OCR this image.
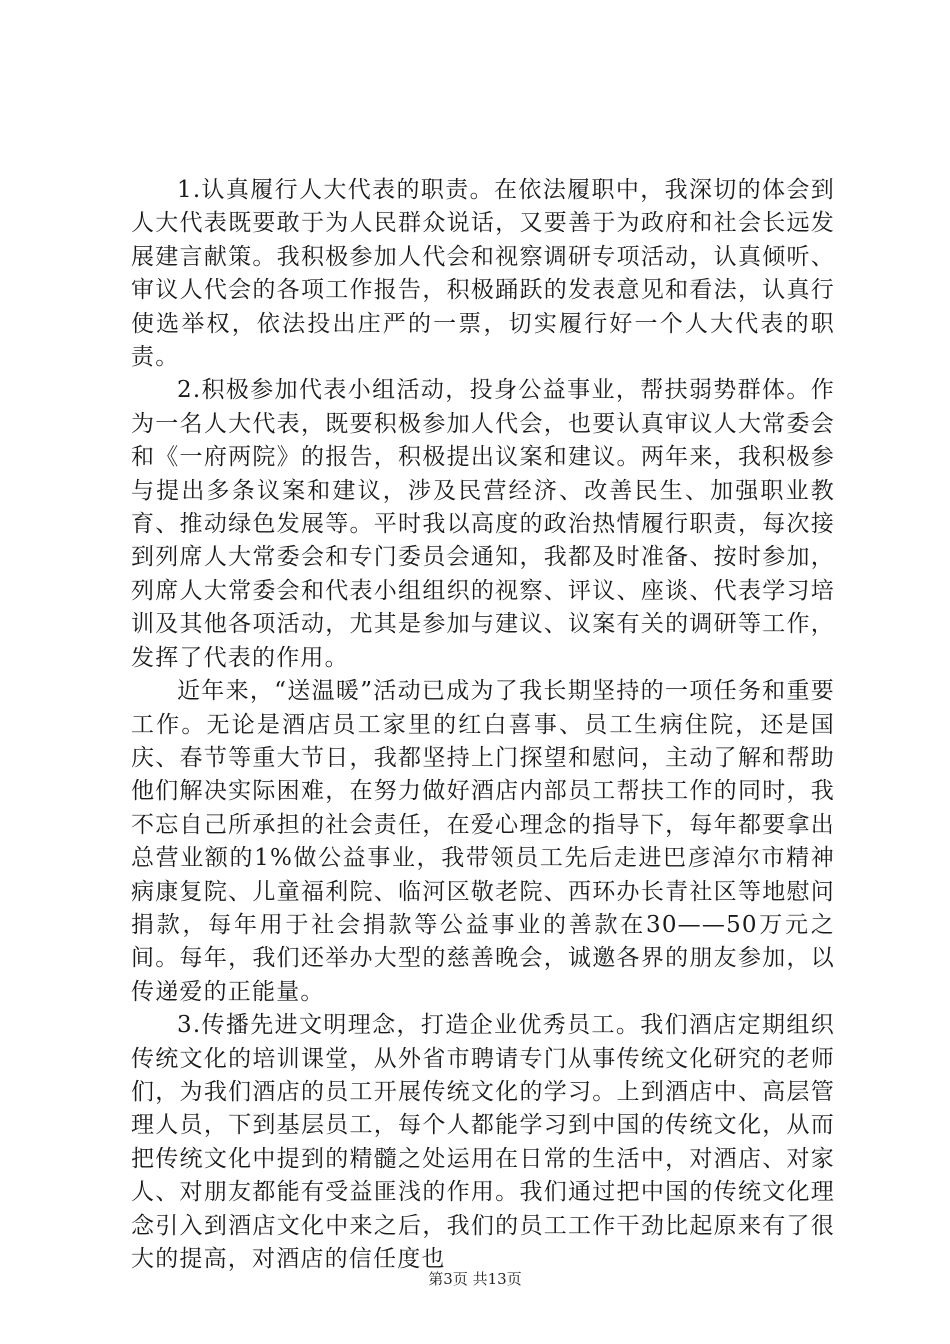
1.认真履行人大代表的职责。在依法履职中，我深切的体会到人大代表既要敢于为人民群众说话，又要善于为政府和社会长远发展建言献策。我积极参加人代会和视察调研专项活动，认真倾听、审议人代会的各项工作报告，积极踊跃的发表意见和看法，认真行使选举权，依法投出庄严的一票，切实履行好一个人大代表的职责。

2.积极参加代表小组活动，投身公益事业，帮扶弱势群体。作为一名人大代表，既要积极参加人代会，也要认真审议人大常委会和《一府两院》的报告，积极提出议案和建议。两年来，我积极参与提出多条议案和建议，涉及民营经济、改善民生、加强职业教育、推动绿色发展等。平时我以高度的政治热情履行职责，每次接到列席人大常委会和专门委员会通知，我都及时准备、按时参加，列席人大常委会和代表小组组织的视察、评议、座谈、代表学习培训及其他各项活动，尤其是参加与建议、议案有关的调研等工作，发挥了代表的作用。

近年来，“送温暖”活动已成为了我长期坚持的一项任务和重要工作。无论是酒店员工家里的红白喜事、员工生病住院，还是国庆、春节等重大节日，我都坚持上门探望和慰问，主动了解和帮助他们解决实际困难，在努力做好酒店内部员工帮扶工作的同时，我不忘自己所承担的社会责任，在爱心理念的指导下，每年都要拿出总营业额的1%做公益事业，我带领员工先后走进巴彦淖尔市精神病康复院、儿童福利院、临河区敬老院、西环办长青社区等地慰问捐款，每年用于社会捐款等公益事业的善款在30——50万元之间。每年，我们还举办大型的慈善晚会，诚邀各界的朋友参加，以传递爱的正能量。

3.传播先进文明理念，打造企业优秀员工。我们酒店定期组织传统文化的培训课堂，从外省市聘请专门从事传统文化研究的老师们，为我们酒店的员工开展传统文化的学习。上到酒店中、高层管理人员，下到基层员工，每个人都能学习到中国的传统文化，从而把传统文化中提到的精髓之处运用在日常的生活中，对酒店、对家人、对朋友都能有受益匪浅的作用。我们通过把中国的传统文化理念引入到酒店文化中来之后，我们的员工工作干劲比起原来有了很大的提高，对酒店的信任度也

第3页 共13页
